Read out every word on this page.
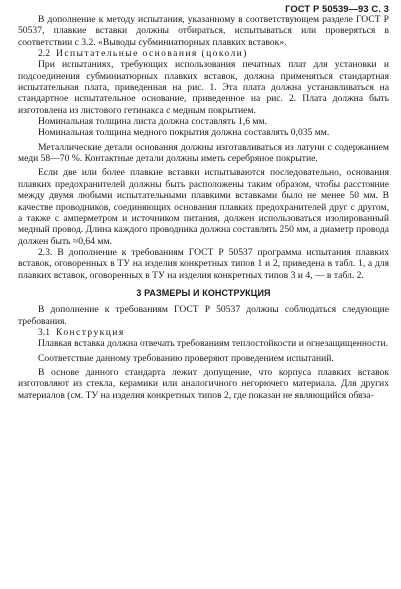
ГОСТ Р 50539—93 С. 3

В дополнение к методу испытания, указанному в соответствующем разделе ГОСТ Р 50537, плавкие вставки должны отбираться, испытываться или проверяться в соответствии с 3.2. «Выводы субминиатюрных плавких вставок».

2.2 Испытательные основания (цоколи)

При испытаниях, требующих использования печатных плат для установки и подсоединения субминиатюрных плавких вставок, должна применяться стандартная испытательная плата, приведенная на рис. 1. Эта плата должна устанавливаться на стандартное испытательное основание, приведенное на рис. 2. Плата должна быть изготовлена из листового гетинакса с медным покрытием.

Номинальная толщина листа должна составлять 1,6 мм.

Номинальная толщина медного покрытия должна составлять 0,035 мм.

Металлические детали основания должны изготавливаться из латуни с содержанием меди 58—70 %. Контактные детали должны иметь серебряное покрытие.

Если две или более плавкие вставки испытываются последовательно, основания плавких предохранителей должны быть расположены таким образом, чтобы расстояние между двумя любыми испытательными плавкими вставками было не менее 50 мм. В качестве проводников, соединяющих основания плавких предохранителей друг с другом, а также с амперметром и источником питания, должен использоваться изолированный медный провод. Длина каждого проводника должна составлять 250 мм, а диаметр провода должен быть ≈0,64 мм.

2.3. В дополнение к требованиям ГОСТ Р 50537 программа испытания плавких вставок, оговоренных в ТУ на изделия конкретных типов 1 и 2, приведена в табл. 1, а для плавких вставок, оговоренных в ТУ на изделия конкретных типов 3 и 4, — в табл. 2.

3 РАЗМЕРЫ И КОНСТРУКЦИЯ

В дополнение к требованиям ГОСТ Р 50537 должны соблюдаться следующие требования.

3.1 Конструкция

Плавкая вставка должна отвечать требованиям теплостойкости и огнезащищенности.

Соответствие данному требованию проверяют проведением испытаний.

В основе данного стандарта лежит допущение, что корпуса плавких вставок изготовляют из стекла, керамики или аналогичного негорючего материала. Для других материалов (см. ТУ на изделия конкретных типов 2, где показан не являющийся обяза-
